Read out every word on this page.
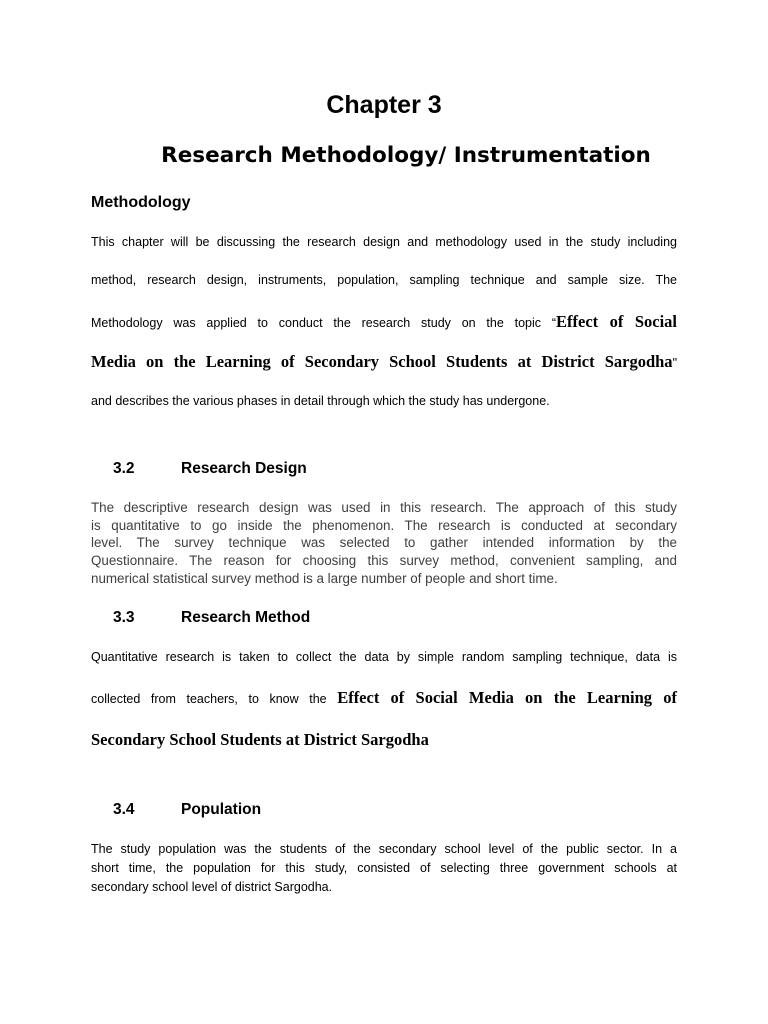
Chapter 3
Research Methodology/ Instrumentation
Methodology
This chapter will be discussing the research design and methodology used in the study including
method, research design, instruments, population, sampling technique and sample size. The
Methodology was applied to conduct the research study on the topic “Effect of Social
Media on the Learning of Secondary School Students at District Sargodha"
and describes the various phases in detail through which the study has undergone.
3.2	Research Design
The descriptive research design was used in this research. The approach of this study
is quantitative to go inside the phenomenon. The research is conducted at secondary
level. The survey technique was selected to gather intended information by the
Questionnaire. The reason for choosing this survey method, convenient sampling, and
numerical statistical survey method is a large number of people and short time.
3.3	Research Method
Quantitative research is taken to collect the data by simple random sampling technique, data is
collected from teachers, to know the Effect of Social Media on the Learning of
Secondary School Students at District Sargodha
3.4	Population
The study population was the students of the secondary school level of the public sector. In a
short time, the population for this study, consisted of selecting three government schools at
secondary school level of district Sargodha.
